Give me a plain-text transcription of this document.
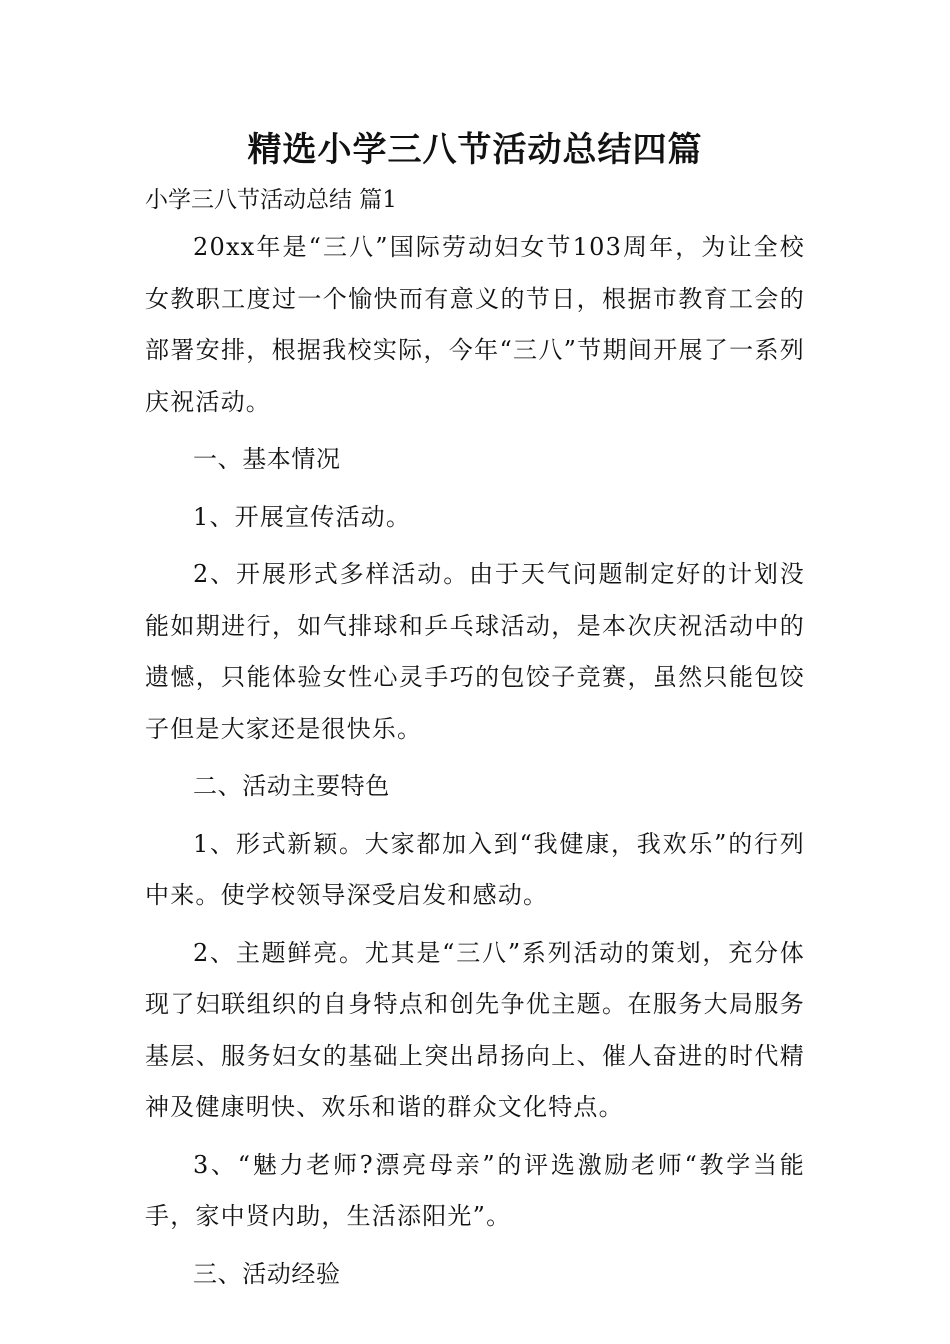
精选小学三八节活动总结四篇

小学三八节活动总结 篇1

20xx年是“三八”国际劳动妇女节103周年，为让全校女教职工度过一个愉快而有意义的节日，根据市教育工会的部署安排，根据我校实际，今年“三八”节期间开展了一系列庆祝活动。

一、基本情况

1、开展宣传活动。

2、开展形式多样活动。由于天气问题制定好的计划没能如期进行，如气排球和乒乓球活动，是本次庆祝活动中的遗憾，只能体验女性心灵手巧的包饺子竞赛，虽然只能包饺子但是大家还是很快乐。

二、活动主要特色

1、形式新颖。大家都加入到“我健康，我欢乐”的行列中来。使学校领导深受启发和感动。

2、主题鲜亮。尤其是“三八”系列活动的策划，充分体现了妇联组织的自身特点和创先争优主题。在服务大局服务基层、服务妇女的基础上突出昂扬向上、催人奋进的时代精神及健康明快、欢乐和谐的群众文化特点。

3、“魅力老师?漂亮母亲”的评选激励老师“教学当能手，家中贤内助，生活添阳光”。

三、活动经验
